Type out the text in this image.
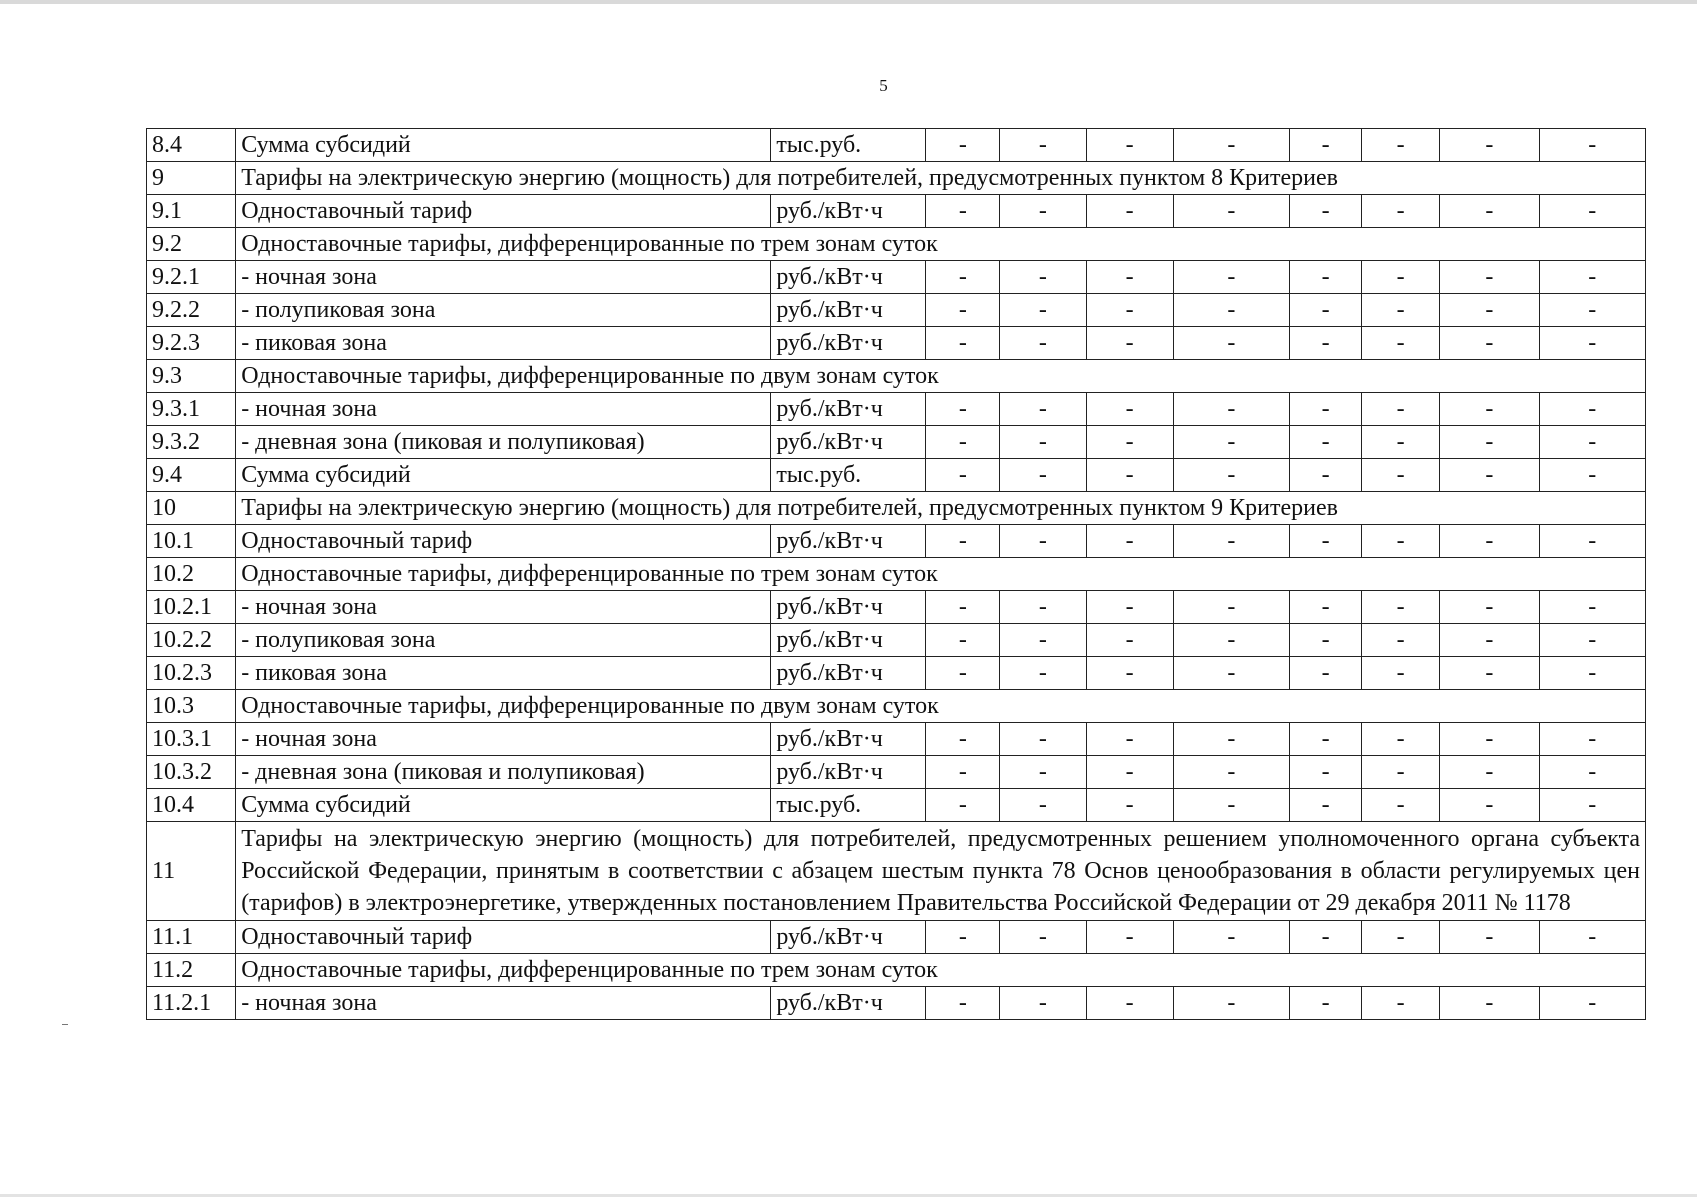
5
8.4	Сумма субсидий	тыс.руб.	-	-	-	-	-	-	-	-
9	Тарифы на электрическую энергию (мощность) для потребителей, предусмотренных пунктом 8 Критериев									
9.1	Одноставочный тариф	руб./кВт·ч	-	-	-	-	-	-	-	-
9.2	Одноставочные тарифы, дифференцированные по трем зонам суток									
9.2.1	- ночная зона	руб./кВт·ч	-	-	-	-	-	-	-	-
9.2.2	- полупиковая зона	руб./кВт·ч	-	-	-	-	-	-	-	-
9.2.3	- пиковая зона	руб./кВт·ч	-	-	-	-	-	-	-	-
9.3	Одноставочные тарифы, дифференцированные по двум зонам суток									
9.3.1	- ночная зона	руб./кВт·ч	-	-	-	-	-	-	-	-
9.3.2	- дневная зона (пиковая и полупиковая)	руб./кВт·ч	-	-	-	-	-	-	-	-
9.4	Сумма субсидий	тыс.руб.	-	-	-	-	-	-	-	-
10	Тарифы на электрическую энергию (мощность) для потребителей, предусмотренных пунктом 9 Критериев									
10.1	Одноставочный тариф	руб./кВт·ч	-	-	-	-	-	-	-	-
10.2	Одноставочные тарифы, дифференцированные по трем зонам суток									
10.2.1	- ночная зона	руб./кВт·ч	-	-	-	-	-	-	-	-
10.2.2	- полупиковая зона	руб./кВт·ч	-	-	-	-	-	-	-	-
10.2.3	- пиковая зона	руб./кВт·ч	-	-	-	-	-	-	-	-
10.3	Одноставочные тарифы, дифференцированные по двум зонам суток									
10.3.1	- ночная зона	руб./кВт·ч	-	-	-	-	-	-	-	-
10.3.2	- дневная зона (пиковая и полупиковая)	руб./кВт·ч	-	-	-	-	-	-	-	-
10.4	Сумма субсидий	тыс.руб.	-	-	-	-	-	-	-	-
11	Тарифы на электрическую энергию (мощность) для потребителей, предусмотренных решением уполномоченного органа субъекта Российской Федерации, принятым в соответствии с абзацем шестым пункта 78 Основ ценообразования в области регулируемых цен (тарифов) в электроэнергетике, утвержденных постановлением Правительства Российской Федерации от 29 декабря 2011 № 1178									
11.1	Одноставочный тариф	руб./кВт·ч	-	-	-	-	-	-	-	-
11.2	Одноставочные тарифы, дифференцированные по трем зонам суток									
11.2.1	- ночная зона	руб./кВт·ч	-	-	-	-	-	-	-	-
